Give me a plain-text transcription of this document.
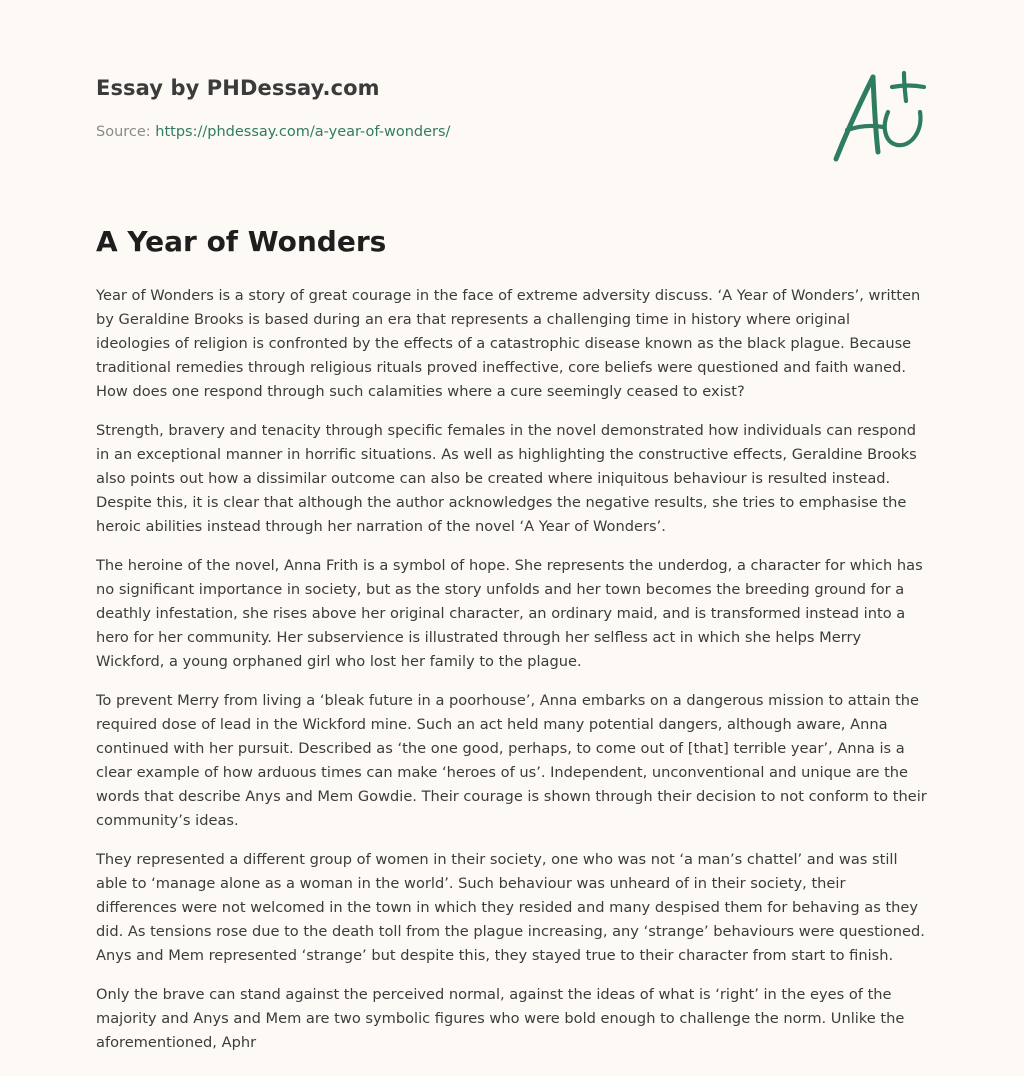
Essay by PHDessay.com
Source: https://phdessay.com/a-year-of-wonders/
A Year of Wonders

Year of Wonders is a story of great courage in the face of extreme adversity discuss. ‘A Year of Wonders’, written by Geraldine Brooks is based during an era that represents a challenging time in history where original ideologies of religion is confronted by the effects of a catastrophic disease known as the black plague. Because traditional remedies through religious rituals proved ineffective, core beliefs were questioned and faith waned. How does one respond through such calamities where a cure seemingly ceased to exist?

Strength, bravery and tenacity through specific females in the novel demonstrated how individuals can respond in an exceptional manner in horrific situations. As well as highlighting the constructive effects, Geraldine Brooks also points out how a dissimilar outcome can also be created where iniquitous behaviour is resulted instead. Despite this, it is clear that although the author acknowledges the negative results, she tries to emphasise the heroic abilities instead through her narration of the novel ‘A Year of Wonders’.

The heroine of the novel, Anna Frith is a symbol of hope. She represents the underdog, a character for which has no significant importance in society, but as the story unfolds and her town becomes the breeding ground for a deathly infestation, she rises above her original character, an ordinary maid, and is transformed instead into a hero for her community. Her subservience is illustrated through her selfless act in which she helps Merry Wickford, a young orphaned girl who lost her family to the plague.

To prevent Merry from living a ‘bleak future in a poorhouse’, Anna embarks on a dangerous mission to attain the required dose of lead in the Wickford mine. Such an act held many potential dangers, although aware, Anna continued with her pursuit. Described as ‘the one good, perhaps, to come out of [that] terrible year’, Anna is a clear example of how arduous times can make ‘heroes of us’. Independent, unconventional and unique are the words that describe Anys and Mem Gowdie. Their courage is shown through their decision to not conform to their community’s ideas.

They represented a different group of women in their society, one who was not ‘a man’s chattel’ and was still able to ‘manage alone as a woman in the world’. Such behaviour was unheard of in their society, their differences were not welcomed in the town in which they resided and many despised them for behaving as they did. As tensions rose due to the death toll from the plague increasing, any ‘strange’ behaviours were questioned. Anys and Mem represented ‘strange’ but despite this, they stayed true to their character from start to finish.

Only the brave can stand against the perceived normal, against the ideas of what is ‘right’ in the eyes of the majority and Anys and Mem are two symbolic figures who were bold enough to challenge the norm. Unlike the aforementioned, Aphr
